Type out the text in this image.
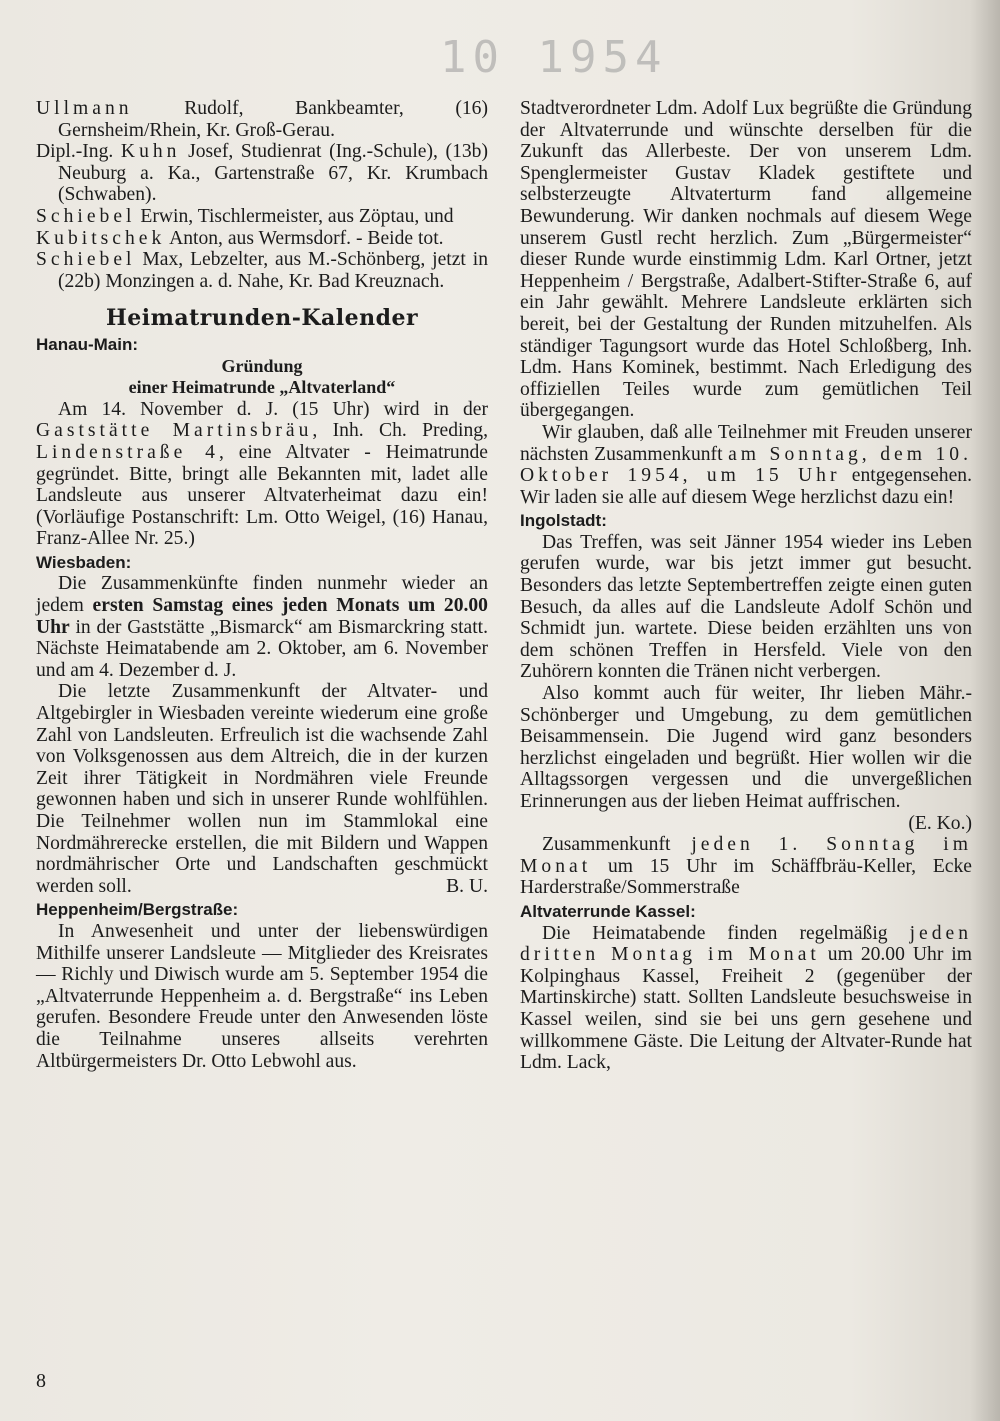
10 1954
Ullmann Rudolf, Bankbeamter, (16) Gernsheim/Rhein, Kr. Groß-Gerau.
Dipl.-Ing. Kuhn Josef, Studienrat (Ing.-Schule), (13b) Neuburg a. Ka., Gartenstraße 67, Kr. Krumbach (Schwaben).
Schiebel Erwin, Tischlermeister, aus Zöptau, und
Kubitschek Anton, aus Wermsdorf. - Beide tot.
Schiebel Max, Lebzelter, aus M.-Schönberg, jetzt in (22b) Monzingen a. d. Nahe, Kr. Bad Kreuznach.
Heimatrunden-Kalender
Hanau-Main:
Gründung
einer Heimatrunde „Altvaterland“
Am 14. November d. J. (15 Uhr) wird in der Gaststätte Martinsbräu, Inh. Ch. Preding, Lindenstraße 4, eine Altvater - Heimatrunde gegründet. Bitte, bringt alle Bekannten mit, ladet alle Landsleute aus unserer Altvaterheimat dazu ein! (Vorläufige Postanschrift: Lm. Otto Weigel, (16) Hanau, Franz-Allee Nr. 25.)
Wiesbaden:
Die Zusammenkünfte finden nunmehr wieder an jedem ersten Samstag eines jeden Monats um 20.00 Uhr in der Gaststätte „Bismarck“ am Bismarckring statt. Nächste Heimatabende am 2. Oktober, am 6. November und am 4. Dezember d. J.
Die letzte Zusammenkunft der Altvater- und Altgebirgler in Wiesbaden vereinte wiederum eine große Zahl von Landsleuten. Erfreulich ist die wachsende Zahl von Volksgenossen aus dem Altreich, die in der kurzen Zeit ihrer Tätigkeit in Nordmähren viele Freunde gewonnen haben und sich in unserer Runde wohlfühlen. Die Teilnehmer wollen nun im Stammlokal eine Nordmährerecke erstellen, die mit Bildern und Wappen nordmährischer Orte und Landschaften geschmückt werden soll.	B. U.
Heppenheim/Bergstraße:
In Anwesenheit und unter der liebenswürdigen Mithilfe unserer Landsleute — Mitglieder des Kreisrates — Richly und Diwisch wurde am 5. September 1954 die „Altvaterrunde Heppenheim a. d. Bergstraße“ ins Leben gerufen. Besondere Freude unter den Anwesenden löste die Teilnahme unseres allseits verehrten Altbürgermeisters Dr. Otto Lebwohl aus.
Stadtverordneter Ldm. Adolf Lux begrüßte die Gründung der Altvaterrunde und wünschte derselben für die Zukunft das Allerbeste. Der von unserem Ldm. Spenglermeister Gustav Kladek gestiftete und selbsterzeugte Altvaterturm fand allgemeine Bewunderung. Wir danken nochmals auf diesem Wege unserem Gustl recht herzlich. Zum „Bürgermeister“ dieser Runde wurde einstimmig Ldm. Karl Ortner, jetzt Heppenheim / Bergstraße, Adalbert-Stifter-Straße 6, auf ein Jahr gewählt. Mehrere Landsleute erklärten sich bereit, bei der Gestaltung der Runden mitzuhelfen. Als ständiger Tagungsort wurde das Hotel Schloßberg, Inh. Ldm. Hans Kominek, bestimmt. Nach Erledigung des offiziellen Teiles wurde zum gemütlichen Teil übergegangen.
Wir glauben, daß alle Teilnehmer mit Freuden unserer nächsten Zusammenkunft am Sonntag, dem 10. Oktober 1954, um 15 Uhr entgegensehen. Wir laden sie alle auf diesem Wege herzlichst dazu ein!
Ingolstadt:
Das Treffen, was seit Jänner 1954 wieder ins Leben gerufen wurde, war bis jetzt immer gut besucht. Besonders das letzte Septembertreffen zeigte einen guten Besuch, da alles auf die Landsleute Adolf Schön und Schmidt jun. wartete. Diese beiden erzählten uns von dem schönen Treffen in Hersfeld. Viele von den Zuhörern konnten die Tränen nicht verbergen.
Also kommt auch für weiter, Ihr lieben Mähr.-Schönberger und Umgebung, zu dem gemütlichen Beisammensein. Die Jugend wird ganz besonders herzlichst eingeladen und begrüßt. Hier wollen wir die Alltagssorgen vergessen und die unvergeßlichen Erinnerungen aus der lieben Heimat auffrischen.
(E. Ko.)
Zusammenkunft jeden 1. Sonntag im Monat um 15 Uhr im Schäffbräu-Keller, Ecke Harderstraße/Sommerstraße
Altvaterrunde Kassel:
Die Heimatabende finden regelmäßig jeden dritten Montag im Monat um 20.00 Uhr im Kolpinghaus Kassel, Freiheit 2 (gegenüber der Martinskirche) statt. Sollten Landsleute besuchsweise in Kassel weilen, sind sie bei uns gern gesehene und willkommene Gäste. Die Leitung der Altvater-Runde hat Ldm. Lack,
8
